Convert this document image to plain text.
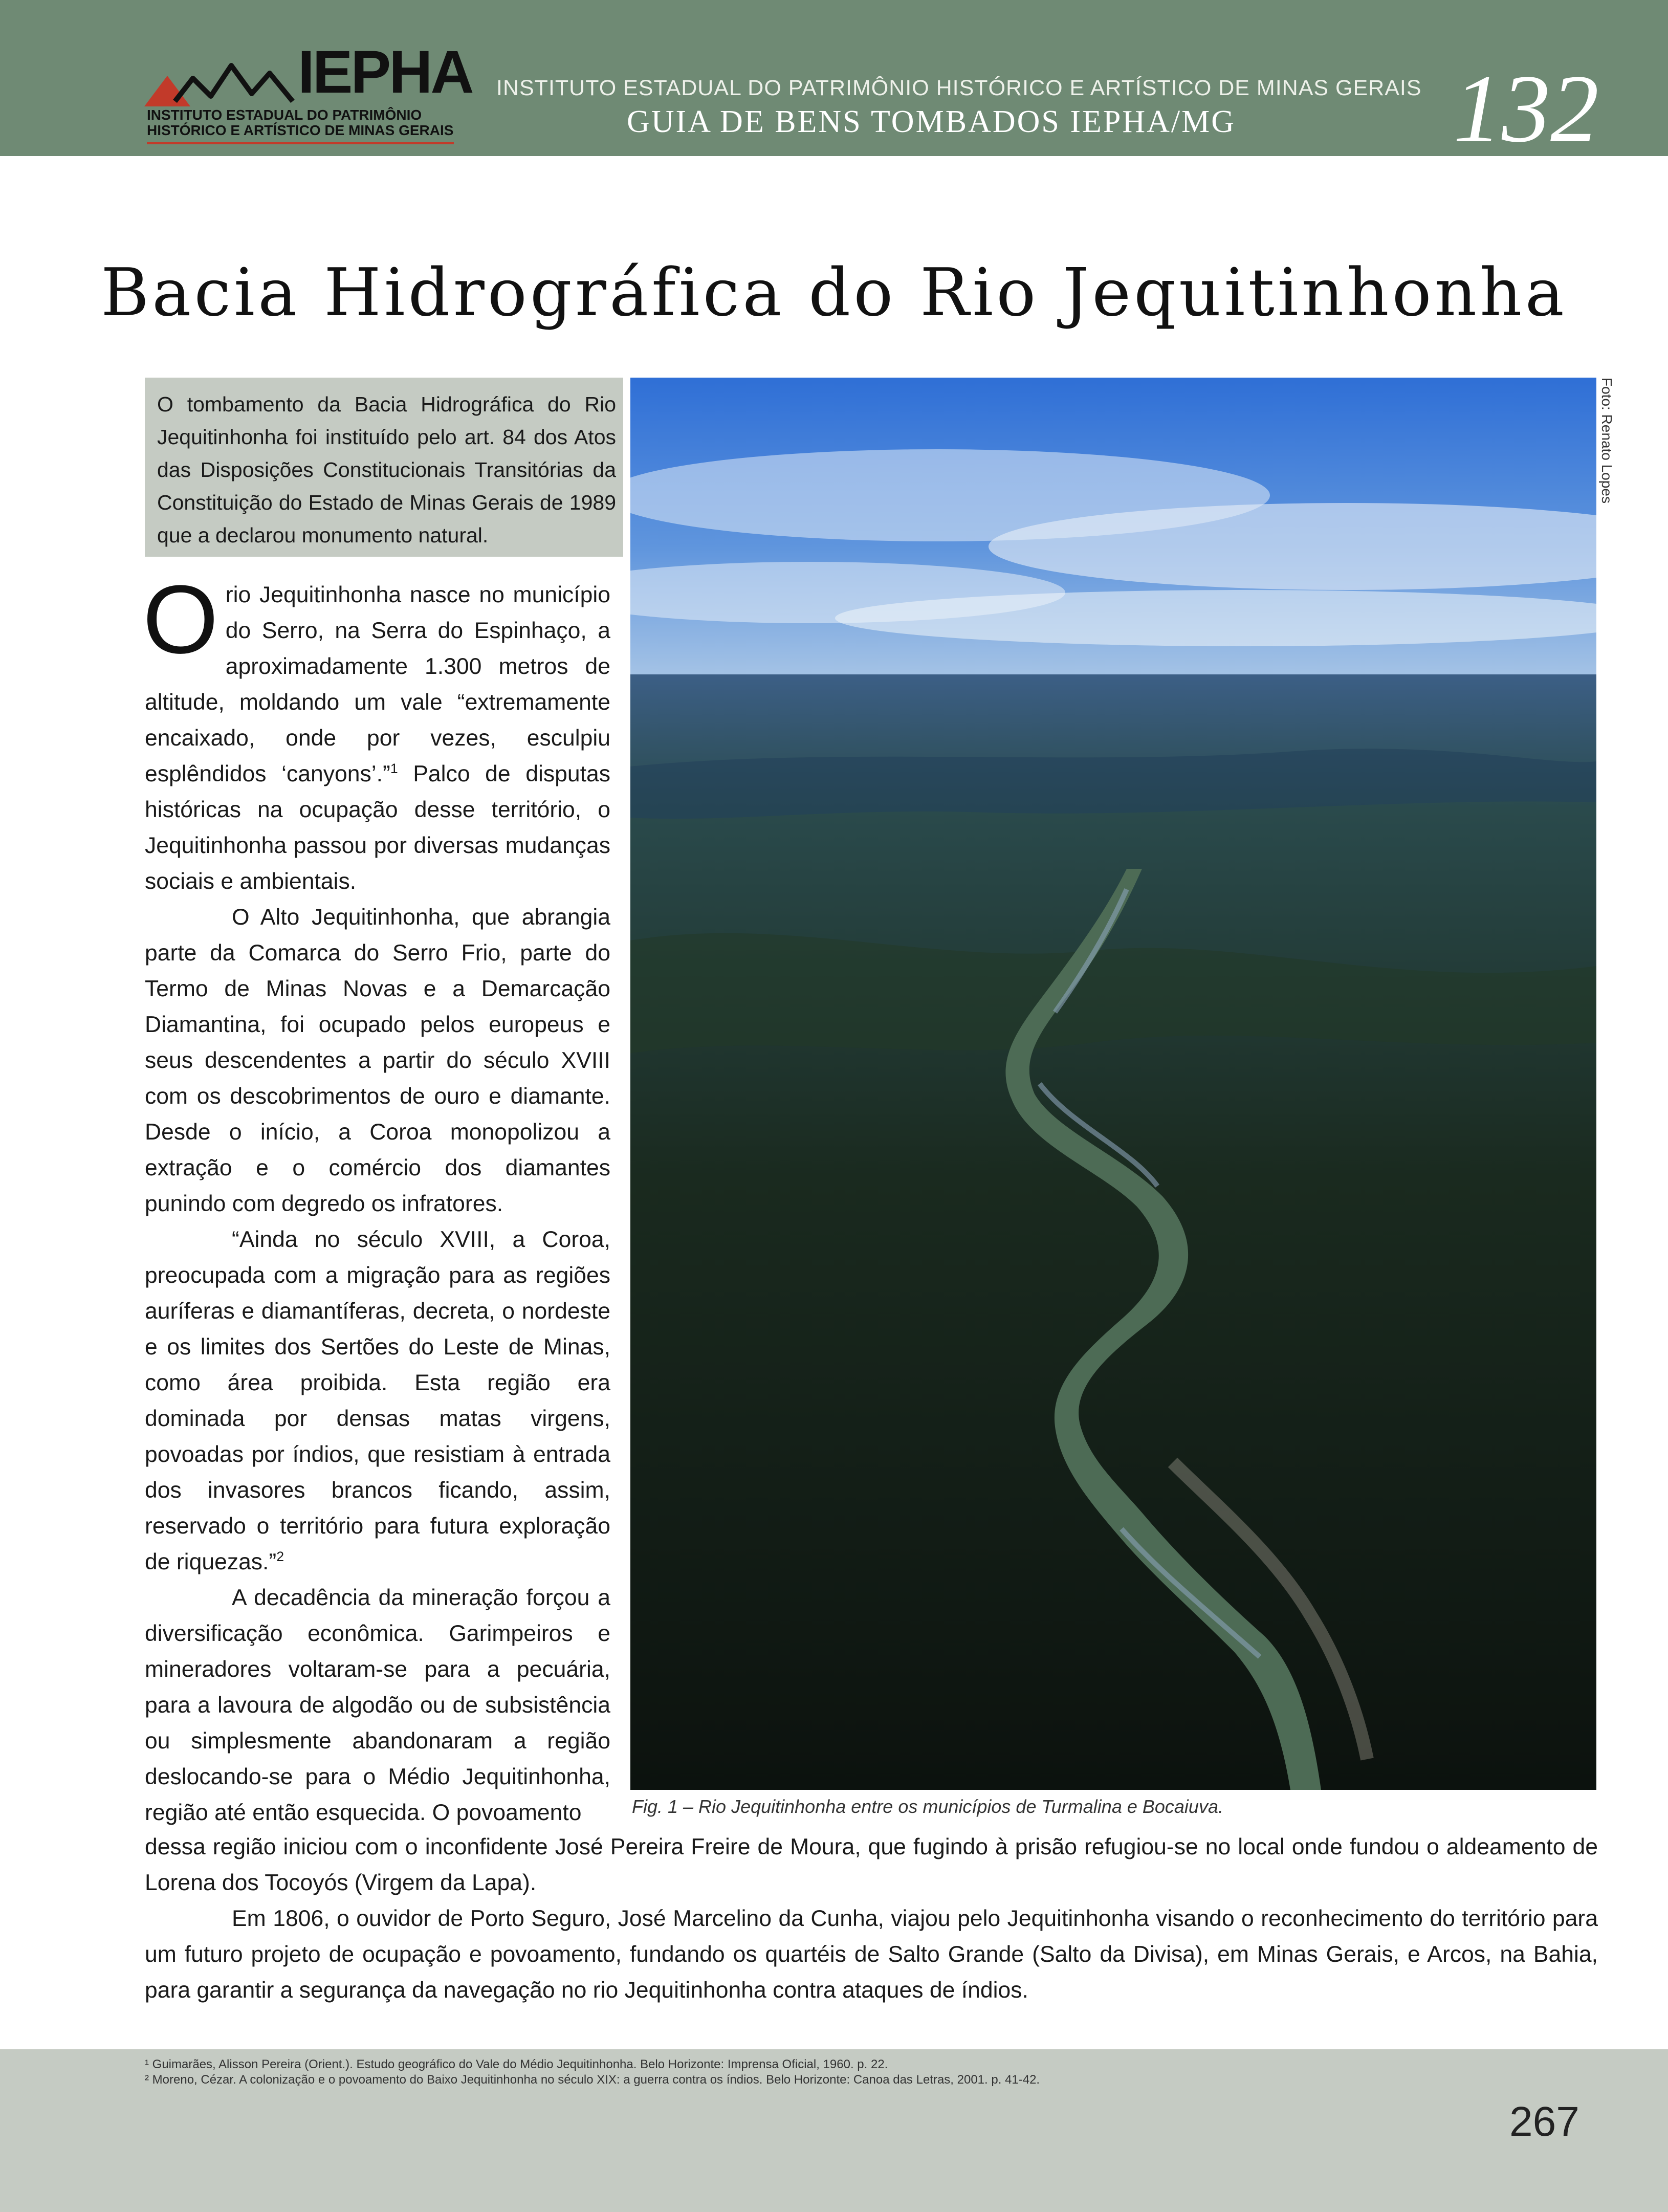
IEPHA
INSTITUTO ESTADUAL DO PATRIMÔNIO
HISTÓRICO E ARTÍSTICO DE MINAS GERAIS
INSTITUTO ESTADUAL DO PATRIMÔNIO HISTÓRICO E ARTÍSTICO DE MINAS GERAIS
GUIA DE BENS TOMBADOS IEPHA/MG 132
Bacia Hidrográfica do Rio Jequitinhonha
O tombamento da Bacia Hidrográfica do Rio Jequitinhonha foi instituído pelo art. 84 dos Atos das Disposições Constitucionais Transitórias da Constituição do Estado de Minas Gerais de 1989 que a declarou monumento natural.

O rio Jequitinhonha nasce no município do Serro, na Serra do Espinhaço, a aproximadamente 1.300 metros de altitude, moldando um vale “extremamente encaixado, onde por vezes, esculpiu esplêndidos ‘canyons’.”$^1$ Palco de disputas históricas na ocupação desse território, o Jequitinhonha passou por diversas mudanças sociais e ambientais.

O Alto Jequitinhonha, que abrangia parte da Comarca do Serro Frio, parte do Termo de Minas Novas e a Demarcação Diamantina, foi ocupado pelos europeus e seus descendentes a partir do século XVIII com os descobrimentos de ouro e diamante. Desde o início, a Coroa monopolizou a extração e o comércio dos diamantes punindo com degredo os infratores.

“Ainda no século XVIII, a Coroa, preocupada com a migração para as regiões auríferas e diamantíferas, decreta, o nordeste e os limites dos Sertões do Leste de Minas, como área proibida. Esta região era dominada por densas matas virgens, povoadas por índios, que resistiam à entrada dos invasores brancos ficando, assim, reservado o território para futura exploração de riquezas.”$^2$

A decadência da mineração forçou a diversificação econômica. Garimpeiros e mineradores voltaram-se para a pecuária, para a lavoura de algodão ou de subsistência ou simplesmente abandonaram a região deslocando-se para o Médio Jequitinhonha, região até então esquecida. O povoamento

Foto: Renato Lopes
Fig. 1 – Rio Jequitinhonha entre os municípios de Turmalina e Bocaiuva.

dessa região iniciou com o inconfidente José Pereira Freire de Moura, que fugindo à prisão refugiou-se no local onde fundou o aldeamento de Lorena dos Tocoyós (Virgem da Lapa).

Em 1806, o ouvidor de Porto Seguro, José Marcelino da Cunha, viajou pelo Jequitinhonha visando o reconhecimento do território para um futuro projeto de ocupação e povoamento, fundando os quartéis de Salto Grande (Salto da Divisa), em Minas Gerais, e Arcos, na Bahia, para garantir a segurança da navegação no rio Jequitinhonha contra ataques de índios.

¹ Guimarães, Alisson Pereira (Orient.). Estudo geográfico do Vale do Médio Jequitinhonha. Belo Horizonte: Imprensa Oficial, 1960. p. 22.
² Moreno, Cézar. A colonização e o povoamento do Baixo Jequitinhonha no século XIX: a guerra contra os índios. Belo Horizonte: Canoa das Letras, 2001. p. 41-42.
267
